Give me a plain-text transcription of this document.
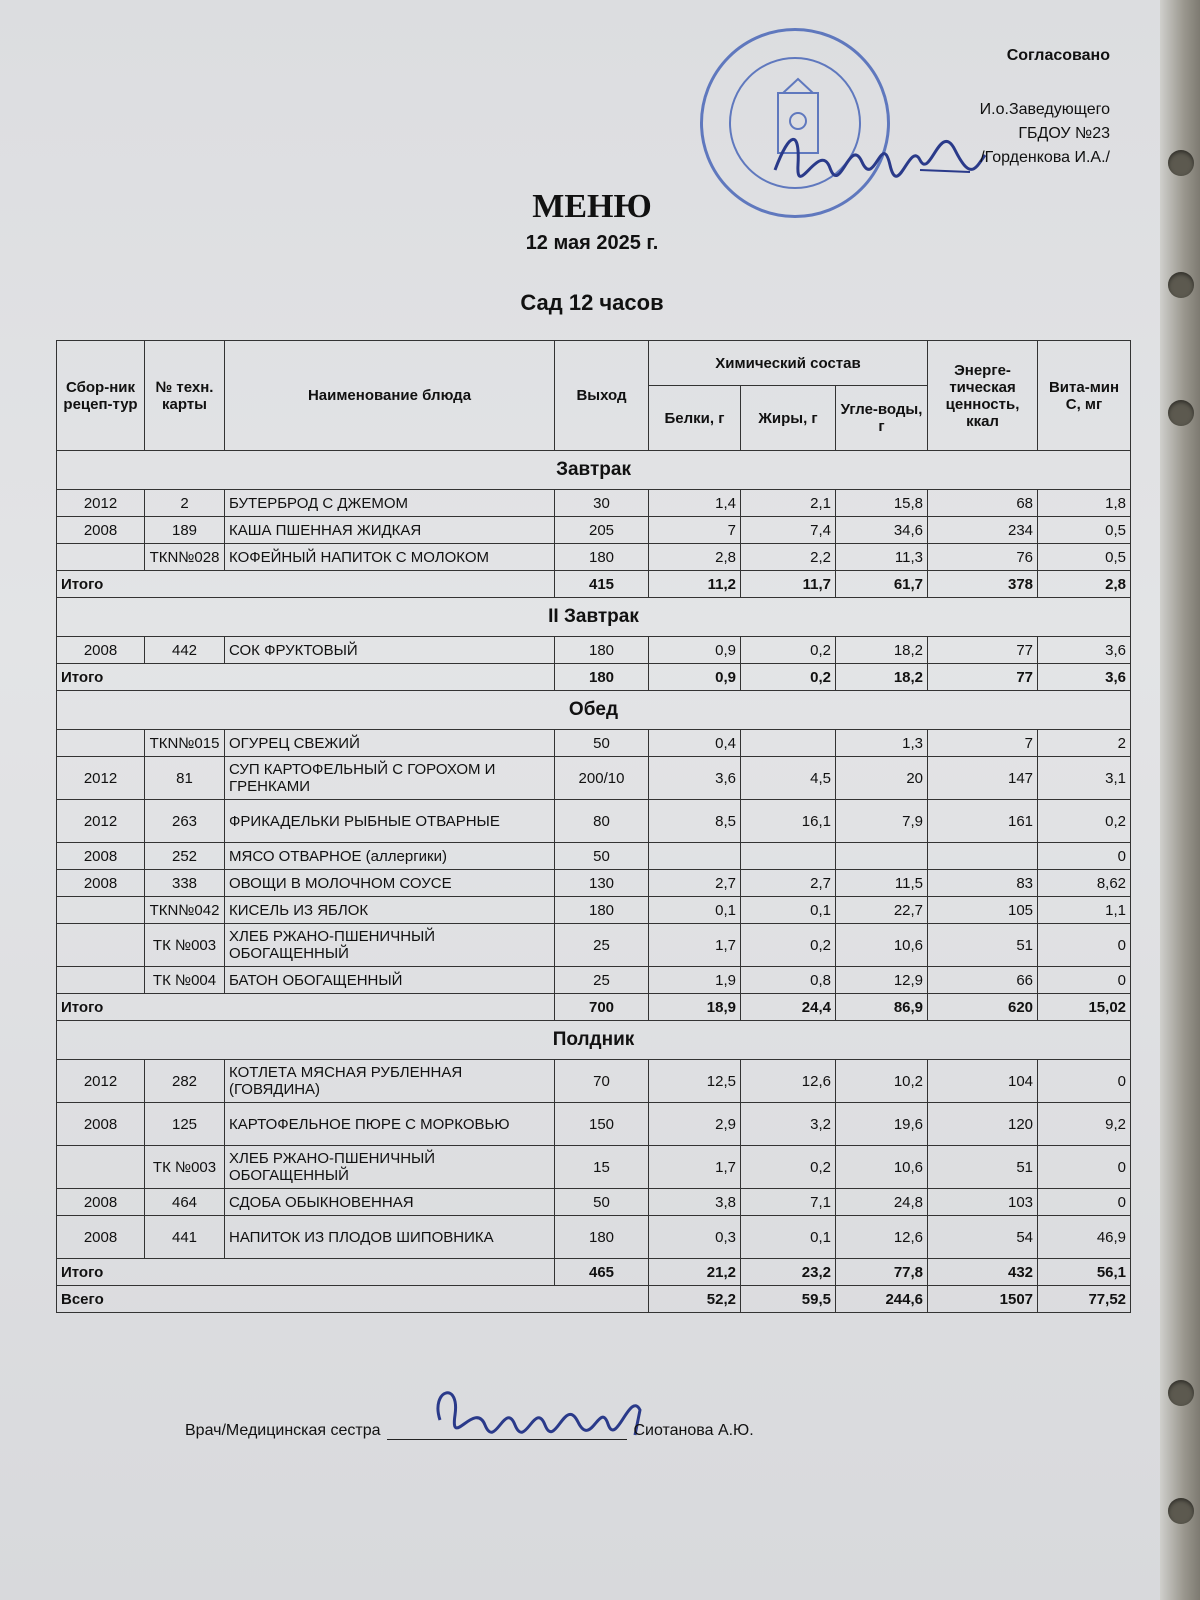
Согласовано
И.о.Заведующего
ГБДОУ №23
/Горденкова И.А./
МЕНЮ
12 мая 2025 г.
Сад 12 часов
Сбор-ник рецеп-тур	№ техн. карты	Наименование блюда	Выход	Химический состав			Энерге-тическая ценность, ккал	Вита-мин С, мг
				Белки, г	Жиры, г	Угле-воды, г		
Завтрак								
2012	2	БУТЕРБРОД С ДЖЕМОМ	30	1,4	2,1	15,8	68	1,8
2008	189	КАША ПШЕННАЯ ЖИДКАЯ	205	7	7,4	34,6	234	0,5
	ТКN№028	КОФЕЙНЫЙ НАПИТОК С МОЛОКОМ	180	2,8	2,2	11,3	76	0,5
Итого			415	11,2	11,7	61,7	378	2,8
II Завтрак								
2008	442	СОК ФРУКТОВЫЙ	180	0,9	0,2	18,2	77	3,6
Итого			180	0,9	0,2	18,2	77	3,6
Обед								
	ТКN№015	ОГУРЕЦ СВЕЖИЙ	50	0,4		1,3	7	2
2012	81	СУП КАРТОФЕЛЬНЫЙ С ГОРОХОМ И ГРЕНКАМИ	200/10	3,6	4,5	20	147	3,1
2012	263	ФРИКАДЕЛЬКИ РЫБНЫЕ ОТВАРНЫЕ	80	8,5	16,1	7,9	161	0,2
2008	252	МЯСО ОТВАРНОЕ (аллергики)	50					0
2008	338	ОВОЩИ В МОЛОЧНОМ СОУСЕ	130	2,7	2,7	11,5	83	8,62
	ТКN№042	КИСЕЛЬ ИЗ ЯБЛОК	180	0,1	0,1	22,7	105	1,1
	ТК №003	ХЛЕБ РЖАНО-ПШЕНИЧНЫЙ ОБОГАЩЕННЫЙ	25	1,7	0,2	10,6	51	0
	ТК №004	БАТОН ОБОГАЩЕННЫЙ	25	1,9	0,8	12,9	66	0
Итого			700	18,9	24,4	86,9	620	15,02
Полдник								
2012	282	КОТЛЕТА МЯСНАЯ РУБЛЕННАЯ (ГОВЯДИНА)	70	12,5	12,6	10,2	104	0
2008	125	КАРТОФЕЛЬНОЕ ПЮРЕ С МОРКОВЬЮ	150	2,9	3,2	19,6	120	9,2
	ТК №003	ХЛЕБ РЖАНО-ПШЕНИЧНЫЙ ОБОГАЩЕННЫЙ	15	1,7	0,2	10,6	51	0
2008	464	СДОБА ОБЫКНОВЕННАЯ	50	3,8	7,1	24,8	103	0
2008	441	НАПИТОК ИЗ ПЛОДОВ ШИПОВНИКА	180	0,3	0,1	12,6	54	46,9
Итого			465	21,2	23,2	77,8	432	56,1
Всего				52,2	59,5	244,6	1507	77,52
Врач/Медицинская сестра	Сиотанова А.Ю.
